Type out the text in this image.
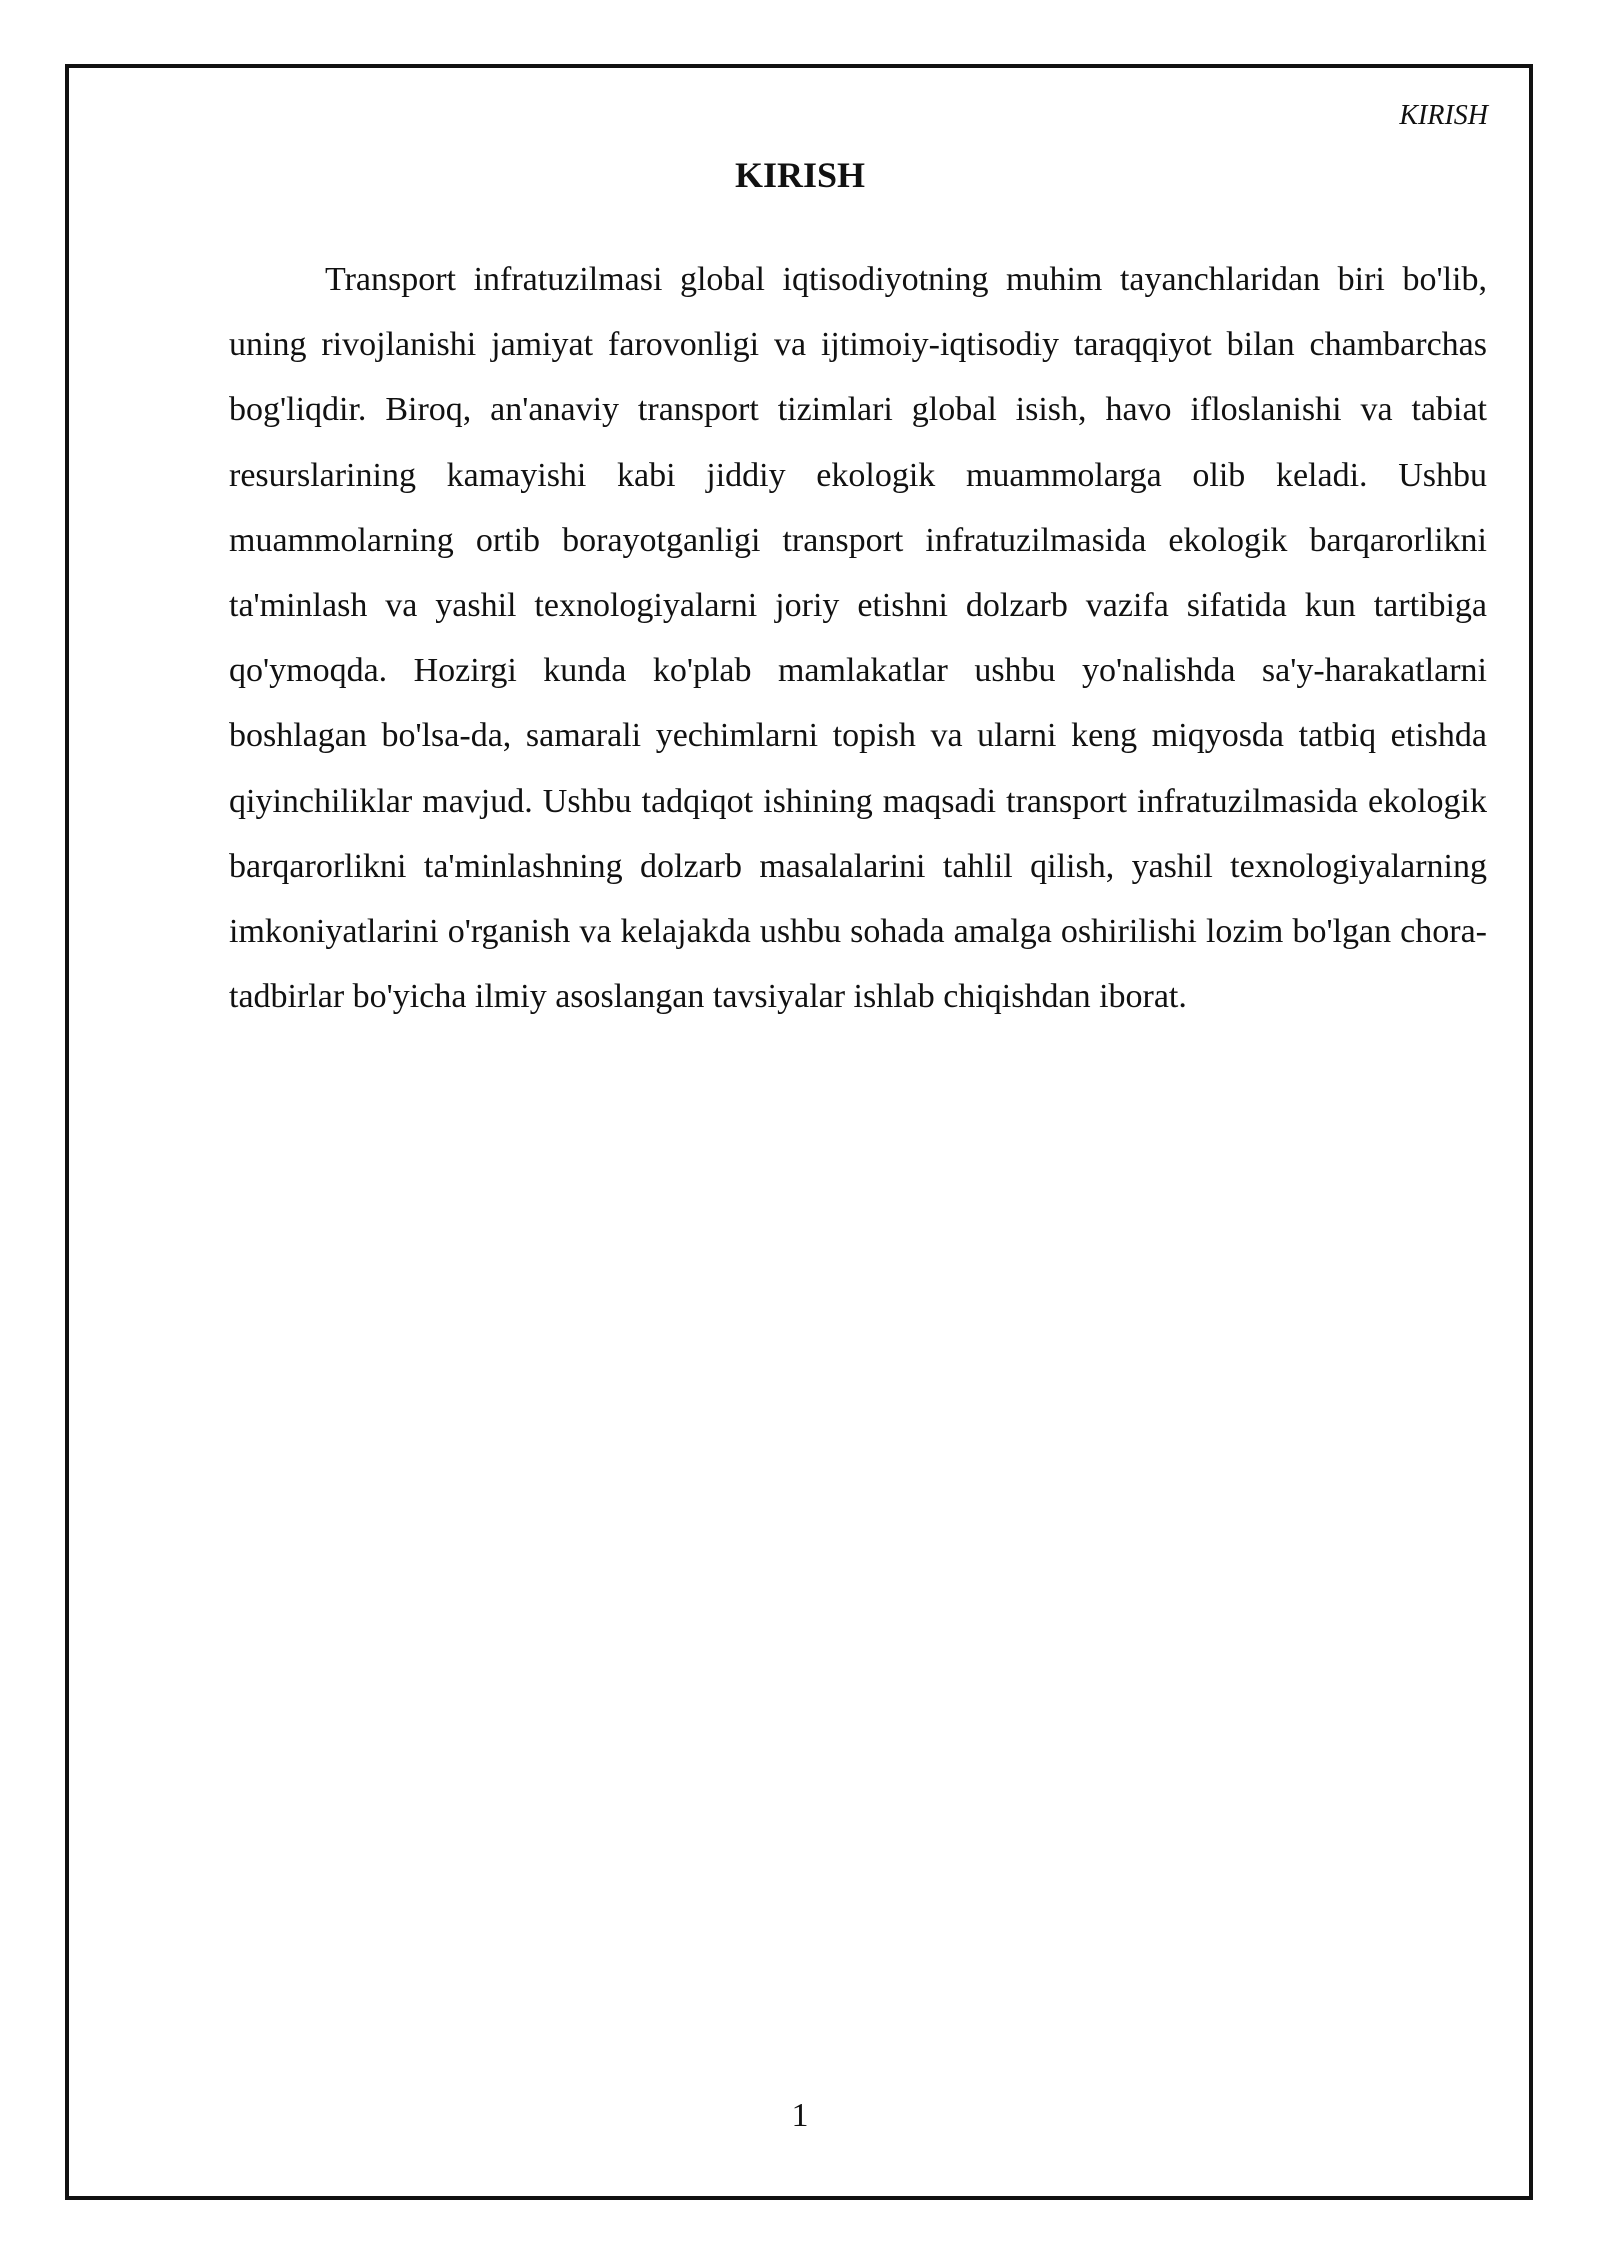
KIRISH
KIRISH

Transport infratuzilmasi global iqtisodiyotning muhim tayanchlaridan biri bo'lib, uning rivojlanishi jamiyat farovonligi va ijtimoiy-iqtisodiy taraqqiyot bilan chambarchas bog'liqdir. Biroq, an'anaviy transport tizimlari global isish, havo ifloslanishi va tabiat resurslarining kamayishi kabi jiddiy ekologik muammolarga olib keladi. Ushbu muammolarning ortib borayotganligi transport infratuzilmasida ekologik barqarorlikni ta'minlash va yashil texnologiyalarni joriy etishni dolzarb vazifa sifatida kun tartibiga qo'ymoqda. Hozirgi kunda ko'plab mamlakatlar ushbu yo'nalishda sa'y-harakatlarni boshlagan bo'lsa-da, samarali yechimlarni topish va ularni keng miqyosda tatbiq etishda qiyinchiliklar mavjud. Ushbu tadqiqot ishining maqsadi transport infratuzilmasida ekologik barqarorlikni ta'minlashning dolzarb masalalarini tahlil qilish, yashil texnologiyalarning imkoniyatlarini o'rganish va kelajakda ushbu sohada amalga oshirilishi lozim bo'lgan chora-tadbirlar bo'yicha ilmiy asoslangan tavsiyalar ishlab chiqishdan iborat.

1
